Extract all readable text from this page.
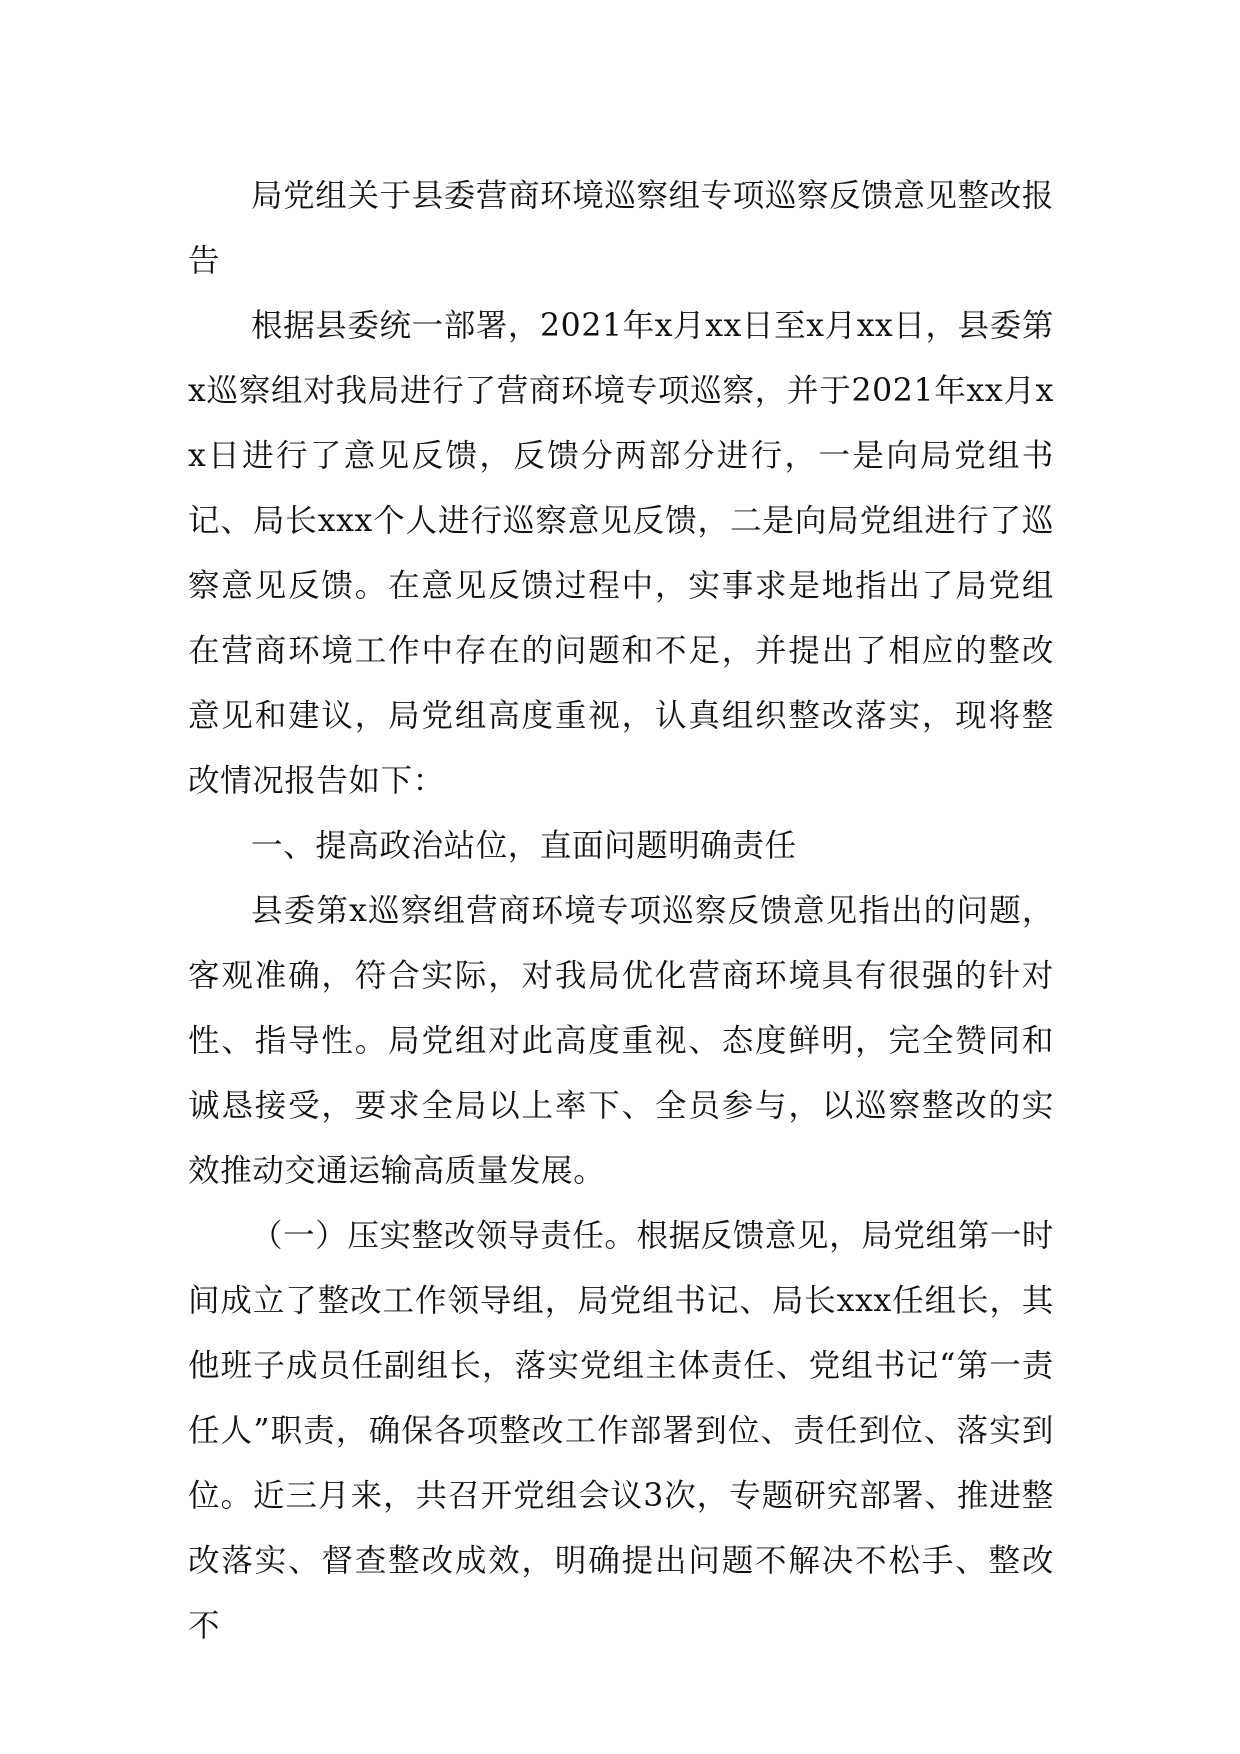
局党组关于县委营商环境巡察组专项巡察反馈意见整改报告

根据县委统一部署，2021年x月xx日至x月xx日，县委第x巡察组对我局进行了营商环境专项巡察，并于2021年xx月xx日进行了意见反馈，反馈分两部分进行，一是向局党组书记、局长xxx个人进行巡察意见反馈，二是向局党组进行了巡察意见反馈。在意见反馈过程中，实事求是地指出了局党组在营商环境工作中存在的问题和不足，并提出了相应的整改意见和建议，局党组高度重视，认真组织整改落实，现将整改情况报告如下：

一、提高政治站位，直面问题明确责任

县委第x巡察组营商环境专项巡察反馈意见指出的问题，客观准确，符合实际，对我局优化营商环境具有很强的针对性、指导性。局党组对此高度重视、态度鲜明，完全赞同和诚恳接受，要求全局以上率下、全员参与，以巡察整改的实效推动交通运输高质量发展。

（一）压实整改领导责任。根据反馈意见，局党组第一时间成立了整改工作领导组，局党组书记、局长xxx任组长，其他班子成员任副组长，落实党组主体责任、党组书记“第一责任人”职责，确保各项整改工作部署到位、责任到位、落实到位。近三月来，共召开党组会议3次，专题研究部署、推进整改落实、督查整改成效，明确提出问题不解决不松手、整改不
